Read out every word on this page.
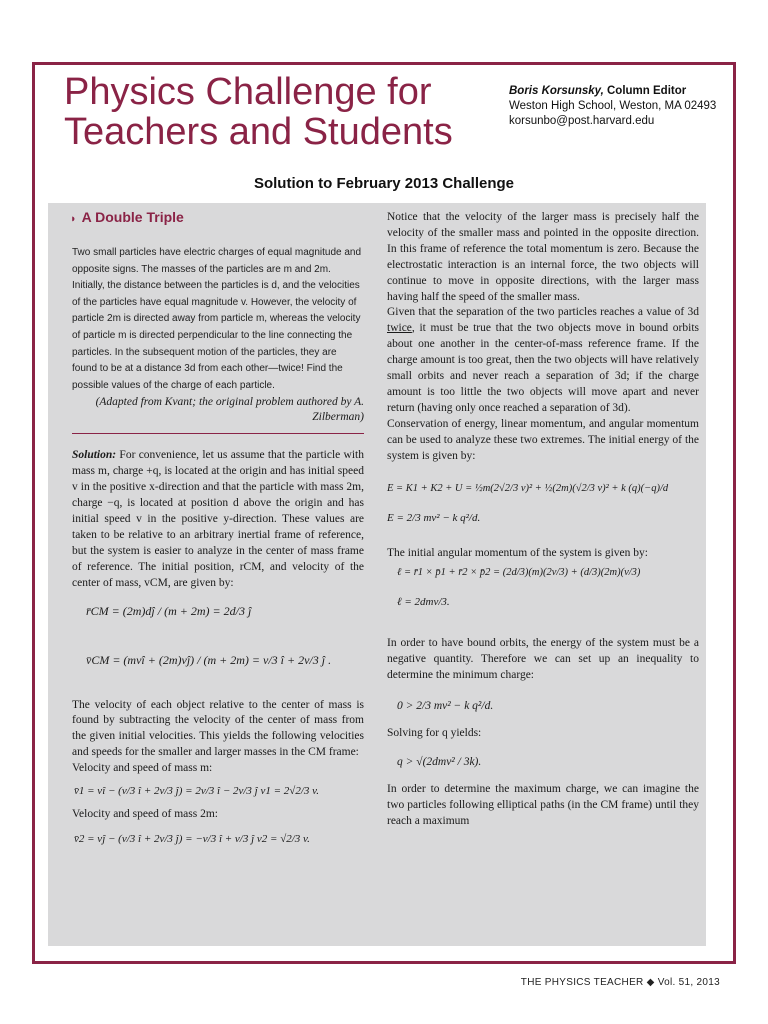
Physics Challenge for
Teachers and Students
Boris Korsunsky, Column Editor
Weston High School, Weston, MA 02493
korsunbo@post.harvard.edu
Solution to February 2013 Challenge
◗ A Double Triple

Two small particles have electric charges of equal magnitude and opposite signs. The masses of the particles are m and 2m. Initially, the distance between the particles is d, and the velocities of the particles have equal magnitude v. However, the velocity of particle 2m is directed away from particle m, whereas the velocity of particle m is directed perpendicular to the line connecting the particles. In the subsequent motion of the particles, they are found to be at a distance 3d from each other—twice! Find the possible values of the charge of each particle.

(Adapted from Kvant; the original problem authored by A. Zilberman)

Solution: For convenience, let us assume that the particle with mass m, charge +q, is located at the origin and has initial speed v in the positive x-direction and that the particle with mass 2m, charge −q, is located at position d above the origin and has initial speed v in the positive y-direction. These values are taken to be relative to an arbitrary inertial frame of reference, but the system is easier to analyze in the center of mass frame of reference. The initial position, rCM, and velocity of the center of mass, vCM, are given by:

r̄CM = (2m)dĵ / (m + 2m) = 2d/3 ĵ
v̄CM = (mvî + (2m)vĵ) / (m + 2m) = v/3 î + 2v/3 ĵ .

The velocity of each object relative to the center of mass is found by subtracting the velocity of the center of mass from the given initial velocities. This yields the following velocities and speeds for the smaller and larger masses in the CM frame:

Velocity and speed of mass m:

v̄1 = vî − (v/3 î + 2v/3 ĵ) = 2v/3 î − 2v/3 ĵ v1 = 2√2/3 v.

Velocity and speed of mass 2m:

v̄2 = vĵ − (v/3 î + 2v/3 ĵ) = −v/3 î + v/3 ĵ v2 = √2/3 v.

Notice that the velocity of the larger mass is precisely half the velocity of the smaller mass and pointed in the opposite direction. In this frame of reference the total momentum is zero. Because the electrostatic interaction is an internal force, the two objects will continue to move in opposite directions, with the larger mass having half the speed of the smaller mass.

Given that the separation of the two particles reaches a value of 3d twice, it must be true that the two objects move in bound orbits about one another in the center-of-mass reference frame. If the charge amount is too great, then the two objects will have relatively small orbits and never reach a separation of 3d; if the charge amount is too little the two objects will move apart and never return (having only once reached a separation of 3d).

Conservation of energy, linear momentum, and angular momentum can be used to analyze these two extremes. The initial energy of the system is given by:

E = K1 + K2 + U = ½m(2√2/3 v)² + ½(2m)(√2/3 v)² + k (q)(−q)/d
E = 2/3 mv² − k q²/d.

The initial angular momentum of the system is given by:

ℓ = r̄1 × p̄1 + r̄2 × p̄2 = (2d/3)(m)(2v/3) + (d/3)(2m)(v/3)
ℓ = 2dmv/3.

In order to have bound orbits, the energy of the system must be a negative quantity. Therefore we can set up an inequality to determine the minimum charge:

0 > 2/3 mv² − k q²/d.

Solving for q yields:

q > √(2dmv² / 3k).

In order to determine the maximum charge, we can imagine the two particles following elliptical paths (in the CM frame) until they reach a maximum

THE PHYSICS TEACHER ◆ Vol. 51, 2013
